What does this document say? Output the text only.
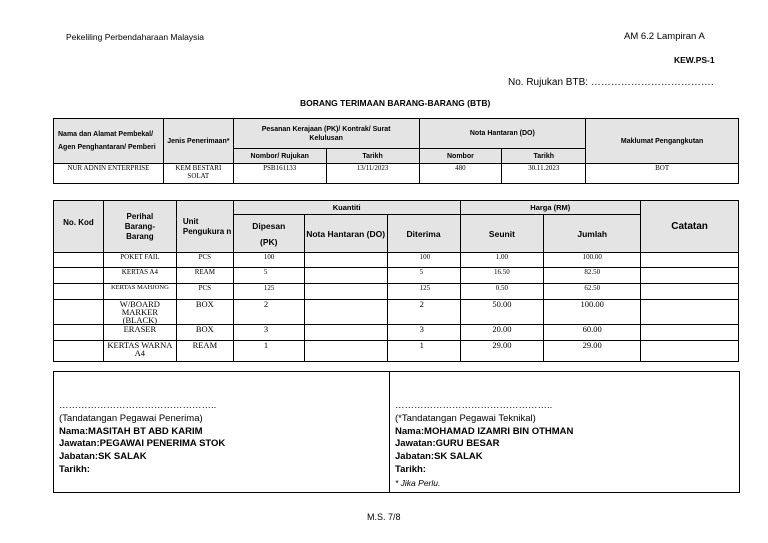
Pekeliling Perbendaharaan Malaysia	AM 6.2 Lampiran A
KEW.PS-1
No. Rujukan BTB: ……………………………….
BORANG TERIMAAN BARANG-BARANG (BTB)
Nama dan Alamat Pembekal/ Agen Penghantaran/ Pemberi	Jenis Penerimaan*	Pesanan Kerajaan (PK)/ Kontrak/ Surat Kelulusan		Nota Hantaran (DO)		Maklumat Pengangkutan
		Nombor/ Rujukan	Tarikh	Nombor	Tarikh	
NUR ADNIN ENTERPRISE	KEM BESTARI SOLAT	PSB161133	13/11/2023	480	30.11.2023	BOT
No. Kod	Perihal Barang-Barang	Unit Pengukura n	Kuantiti			Harga (RM)		Catatan

			Dipesan
(PK)	Nota Hantaran (DO)	Diterima	Seunit	Jumlah	
	POKET FAIL	PCS	100		100	1.00	100.00	
	KERTAS A4	REAM	5		5	16.50	82.50	
	KERTAS MAHJONG	PCS	125		125	0.50	62.50	
	W/BOARD MARKER (BLACK)	BOX	2		2	50.00	100.00	
	ERASER	BOX	3		3	20.00	60.00	
	KERTAS WARNA A4	REAM	1		1	29.00	29.00	
…………………………………………..
(Tandatangan Pegawai Penerima)
Nama:MASITAH BT ABD KARIM
Jawatan:PEGAWAI PENERIMA STOK
Jabatan:SK SALAK
Tarikh:
…………………………………………..
(*Tandatangan Pegawai Teknikal)
Nama:MOHAMAD IZAMRI BIN OTHMAN
Jawatan:GURU BESAR
Jabatan:SK SALAK
Tarikh:
* Jika Perlu.
M.S. 7/8
